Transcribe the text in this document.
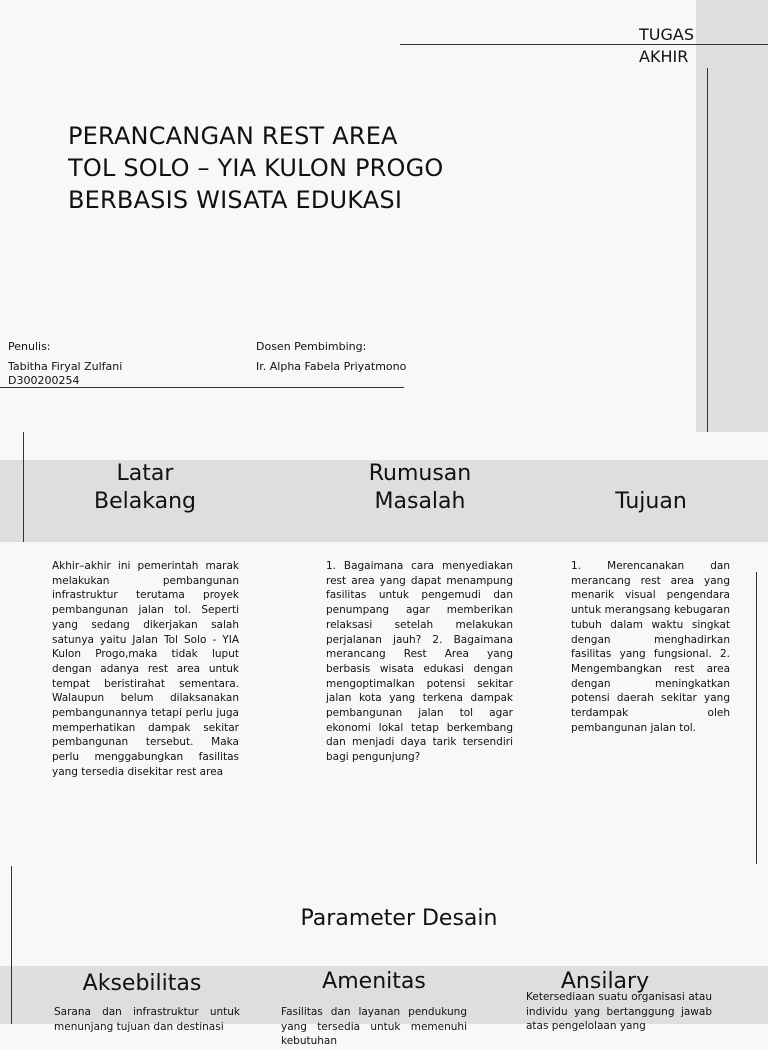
TUGAS
AKHIR
PERANCANGAN REST AREA
TOL SOLO – YIA KULON PROGO
BERBASIS WISATA EDUKASI
Penulis:
Tabitha Firyal Zulfani
D300200254
Dosen Pembimbing:
Ir. Alpha Fabela Priyatmono
Latar
Belakang
Rumusan
Masalah	Tujuan
Akhir–akhir ini pemerintah marak melakukan pembangunan infrastruktur terutama proyek pembangunan jalan tol. Seperti yang sedang dikerjakan salah satunya yaitu Jalan Tol Solo - YIA Kulon Progo,maka tidak luput dengan adanya rest area untuk tempat beristirahat sementara. Walaupun belum dilaksanakan pembangunannya tetapi perlu juga memperhatikan dampak sekitar pembangunan tersebut. Maka perlu menggabungkan fasilitas yang tersedia disekitar rest area
1. Bagaimana cara menyediakan rest area yang dapat menampung fasilitas untuk pengemudi dan penumpang agar memberikan relaksasi setelah melakukan perjalanan jauh? 2. Bagaimana merancang Rest Area yang berbasis wisata edukasi dengan mengoptimalkan potensi sekitar jalan kota yang terkena dampak pembangunan jalan tol agar ekonomi lokal tetap berkembang dan menjadi daya tarik tersendiri bagi pengunjung?
1. Merencanakan dan merancang rest area yang menarik visual pengendara untuk merangsang kebugaran tubuh dalam waktu singkat dengan menghadirkan fasilitas yang fungsional. 2. Mengembangkan rest area dengan meningkatkan potensi daerah sekitar yang terdampak oleh pembangunan jalan tol.
Parameter Desain
Aksebilitas	Amenitas	Ansilary
Sarana dan infrastruktur untuk menunjang tujuan dan destinasi
Fasilitas dan layanan pendukung yang tersedia untuk memenuhi kebutuhan
Ketersediaan suatu organisasi atau individu yang bertanggung jawab atas pengelolaan yang
